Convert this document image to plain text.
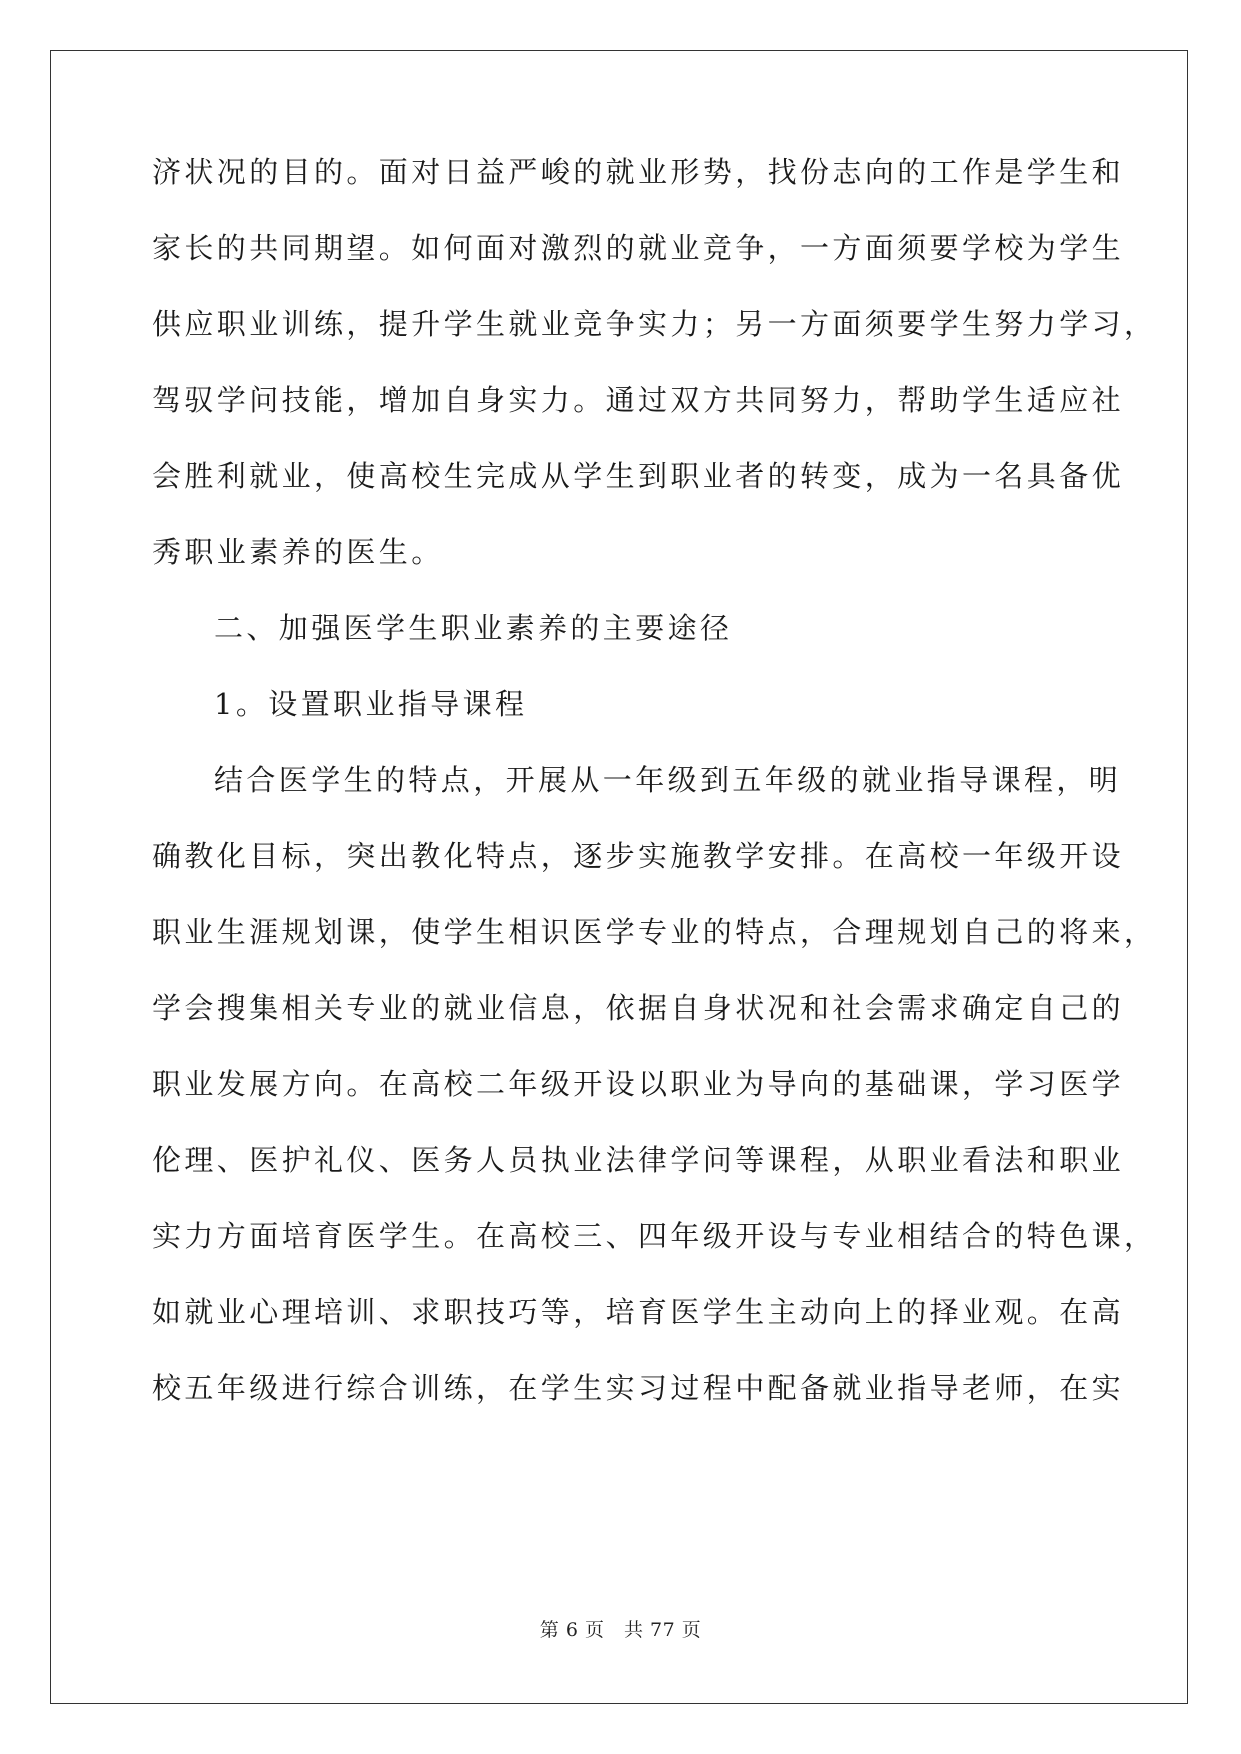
济状况的目的。面对日益严峻的就业形势，找份志向的工作是学生和
家长的共同期望。如何面对激烈的就业竞争，一方面须要学校为学生
供应职业训练，提升学生就业竞争实力；另一方面须要学生努力学习，
驾驭学问技能，增加自身实力。通过双方共同努力，帮助学生适应社
会胜利就业，使高校生完成从学生到职业者的转变，成为一名具备优
秀职业素养的医生。
二、加强医学生职业素养的主要途径
1。设置职业指导课程
结合医学生的特点，开展从一年级到五年级的就业指导课程，明
确教化目标，突出教化特点，逐步实施教学安排。在高校一年级开设
职业生涯规划课，使学生相识医学专业的特点，合理规划自己的将来，
学会搜集相关专业的就业信息，依据自身状况和社会需求确定自己的
职业发展方向。在高校二年级开设以职业为导向的基础课，学习医学
伦理、医护礼仪、医务人员执业法律学问等课程，从职业看法和职业
实力方面培育医学生。在高校三、四年级开设与专业相结合的特色课，
如就业心理培训、求职技巧等，培育医学生主动向上的择业观。在高
校五年级进行综合训练，在学生实习过程中配备就业指导老师，在实
第 6 页　共 77 页
